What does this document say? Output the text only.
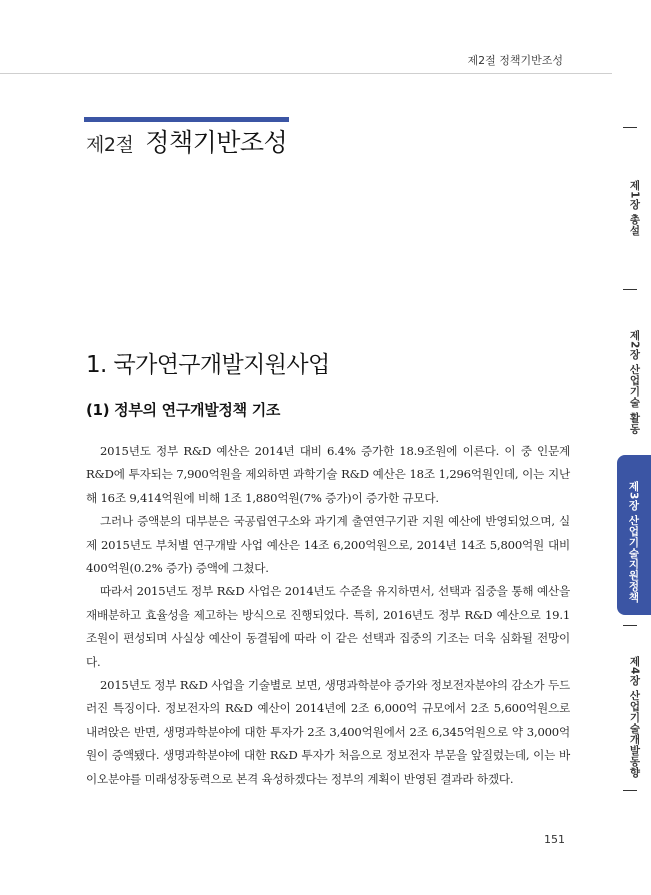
제2절 정책기반조성
제2절 정책기반조성
1. 국가연구개발지원사업
(1) 정부의 연구개발정책 기조

2015년도 정부 R&D 예산은 2014년 대비 6.4% 증가한 18.9조원에 이른다. 이 중 인문계 R&D에 투자되는 7,900억원을 제외하면 과학기술 R&D 예산은 18조 1,296억원인데, 이는 지난해 16조 9,414억원에 비해 1조 1,880억원(7% 증가)이 증가한 규모다.

그러나 증액분의 대부분은 국공립연구소와 과기계 출연연구기관 지원 예산에 반영되었으며, 실제 2015년도 부처별 연구개발 사업 예산은 14조 6,200억원으로, 2014년 14조 5,800억원 대비 400억원(0.2% 증가) 증액에 그쳤다.

따라서 2015년도 정부 R&D 사업은 2014년도 수준을 유지하면서, 선택과 집중을 통해 예산을 재배분하고 효율성을 제고하는 방식으로 진행되었다. 특히, 2016년도 정부 R&D 예산으로 19.1조원이 편성되며 사실상 예산이 동결됨에 따라 이 같은 선택과 집중의 기조는 더욱 심화될 전망이다.

2015년도 정부 R&D 사업을 기술별로 보면, 생명과학분야 증가와 정보전자분야의 감소가 두드러진 특징이다. 정보전자의 R&D 예산이 2014년에 2조 6,000억 규모에서 2조 5,600억원으로 내려앉은 반면, 생명과학분야에 대한 투자가 2조 3,400억원에서 2조 6,345억원으로 약 3,000억원이 증액됐다. 생명과학분야에 대한 R&D 투자가 처음으로 정보전자 부문을 앞질렀는데, 이는 바이오분야를 미래성장동력으로 본격 육성하겠다는 정부의 계획이 반영된 결과라 하겠다.

제1장 총설
제2장 산업기술 활동
제3장 산업기술지원정책
제4장 산업기술개발동향
151
